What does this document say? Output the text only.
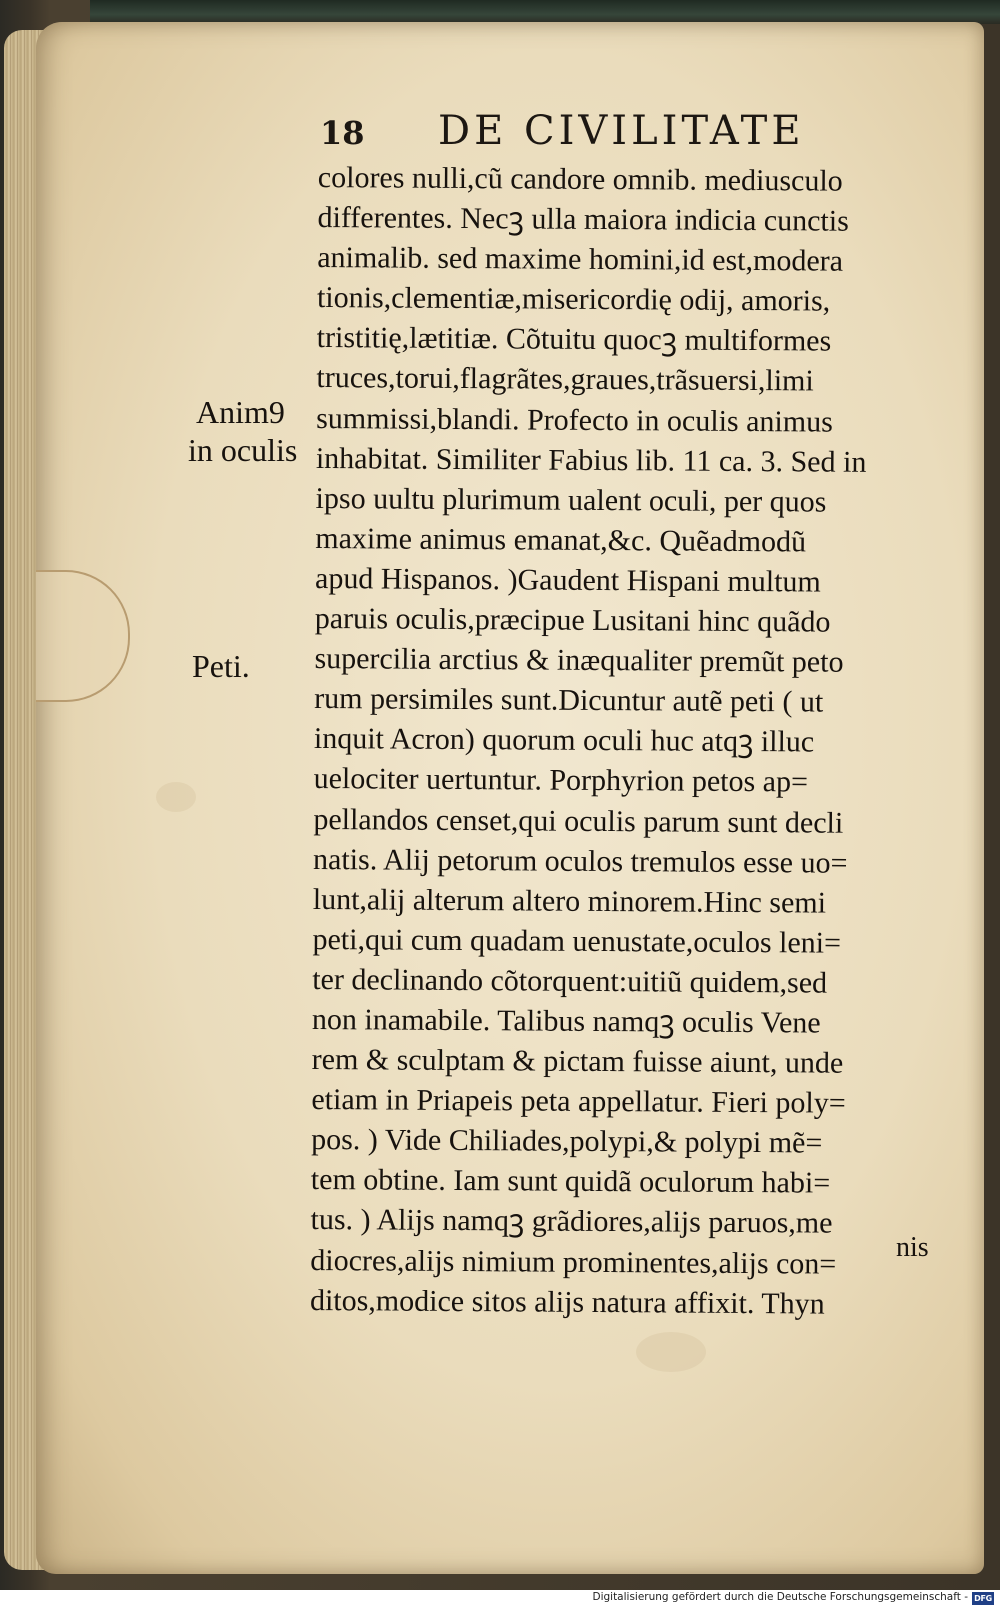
18 DE CIVILITATE
colores nulli,cũ candore omnib. mediusculo
differentes. Necꝫ ulla maiora indicia cunctis
animalib. sed maxime homini,id est,modera
tionis,clementiæ,misericordię odij, amoris,
tristitię,lætitiæ. Cõtuitu quocꝫ multiformes
truces,torui,flagrãtes,graues,trãsuersi,limi
summissi,blandi. Profecto in oculis animus
inhabitat. Similiter Fabius lib. 11 ca. 3. Sed in
ipso uultu plurimum ualent oculi, per quos
maxime animus emanat,&c. Quẽadmodũ
apud Hispanos. )Gaudent Hispani multum
paruis oculis,præcipue Lusitani hinc quãdo
supercilia arctius & inæqualiter premũt peto
rum persimiles sunt.Dicuntur autẽ peti ( ut
inquit Acron) quorum oculi huc atqꝫ illuc
uelociter uertuntur. Porphyrion petos ap=
pellandos censet,qui oculis parum sunt decli
natis. Alij petorum oculos tremulos esse uo=
lunt,alij alterum altero minorem.Hinc semi
peti,qui cum quadam uenustate,oculos leni=
ter declinando cõtorquent:uitiũ quidem,sed
non inamabile. Talibus namqꝫ oculis Vene
rem & sculptam & pictam fuisse aiunt, unde
etiam in Priapeis peta appellatur. Fieri poly=
pos. ) Vide Chiliades,polypi,& polypi mẽ=
tem obtine. Iam sunt quidã oculorum habi=
tus. ) Alijs namqꝫ grãdiores,alijs paruos,me
diocres,alijs nimium prominentes,alijs con=
ditos,modice sitos alijs natura affixit. Thyn
Anim9
in oculis
Peti.
nis
Digitalisierung gefördert durch die Deutsche Forschungsgemeinschaft - DFG
